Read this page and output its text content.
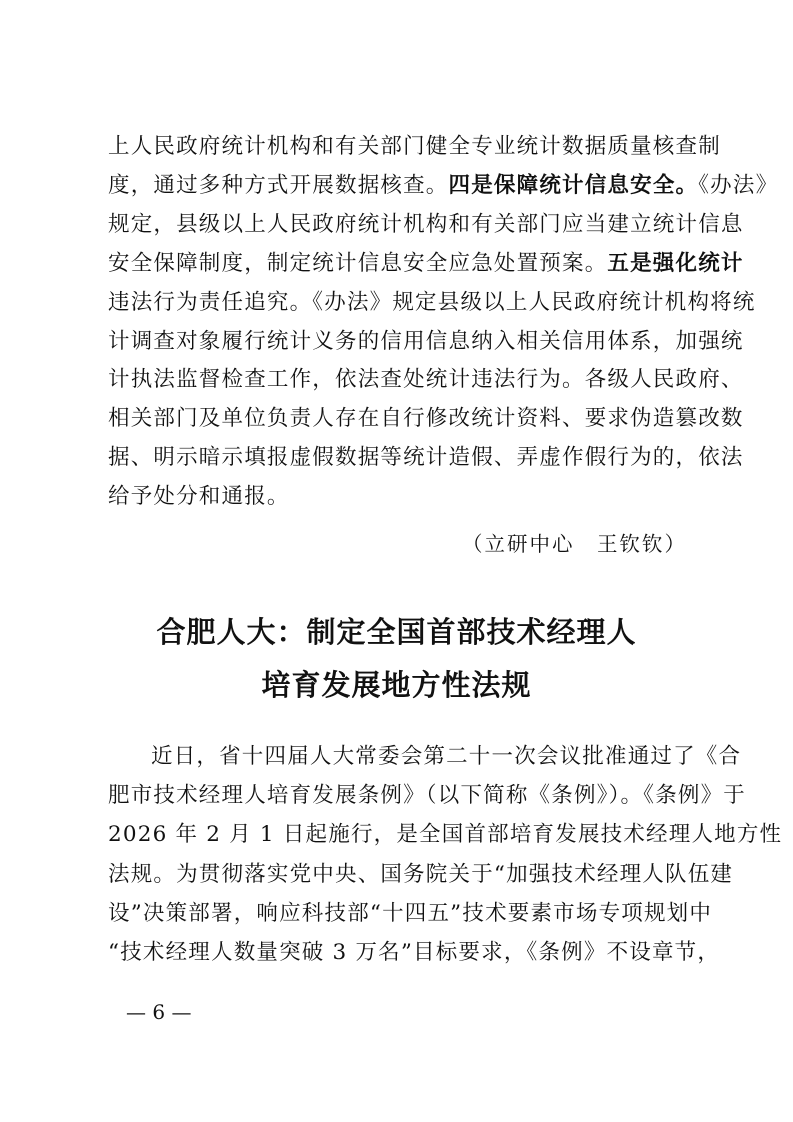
上人民政府统计机构和有关部门健全专业统计数据质量核查制
度，通过多种方式开展数据核查。四是保障统计信息安全。《办法》
规定，县级以上人民政府统计机构和有关部门应当建立统计信息
安全保障制度，制定统计信息安全应急处置预案。五是强化统计
违法行为责任追究。《办法》规定县级以上人民政府统计机构将统
计调查对象履行统计义务的信用信息纳入相关信用体系，加强统
计执法监督检查工作，依法查处统计违法行为。各级人民政府、
相关部门及单位负责人存在自行修改统计资料、要求伪造篡改数
据、明示暗示填报虚假数据等统计造假、弄虚作假行为的，依法
给予处分和通报。
（立研中心　王钦钦）
合肥人大：制定全国首部技术经理人
培育发展地方性法规
近日，省十四届人大常委会第二十一次会议批准通过了《合
肥市技术经理人培育发展条例》（以下简称《条例》）。《条例》于
2026 年 2 月 1 日起施行，是全国首部培育发展技术经理人地方性
法规。为贯彻落实党中央、国务院关于“加强技术经理人队伍建
设”决策部署，响应科技部“十四五”技术要素市场专项规划中
“技术经理人数量突破 3 万名”目标要求，《条例》不设章节，
— 6 —
